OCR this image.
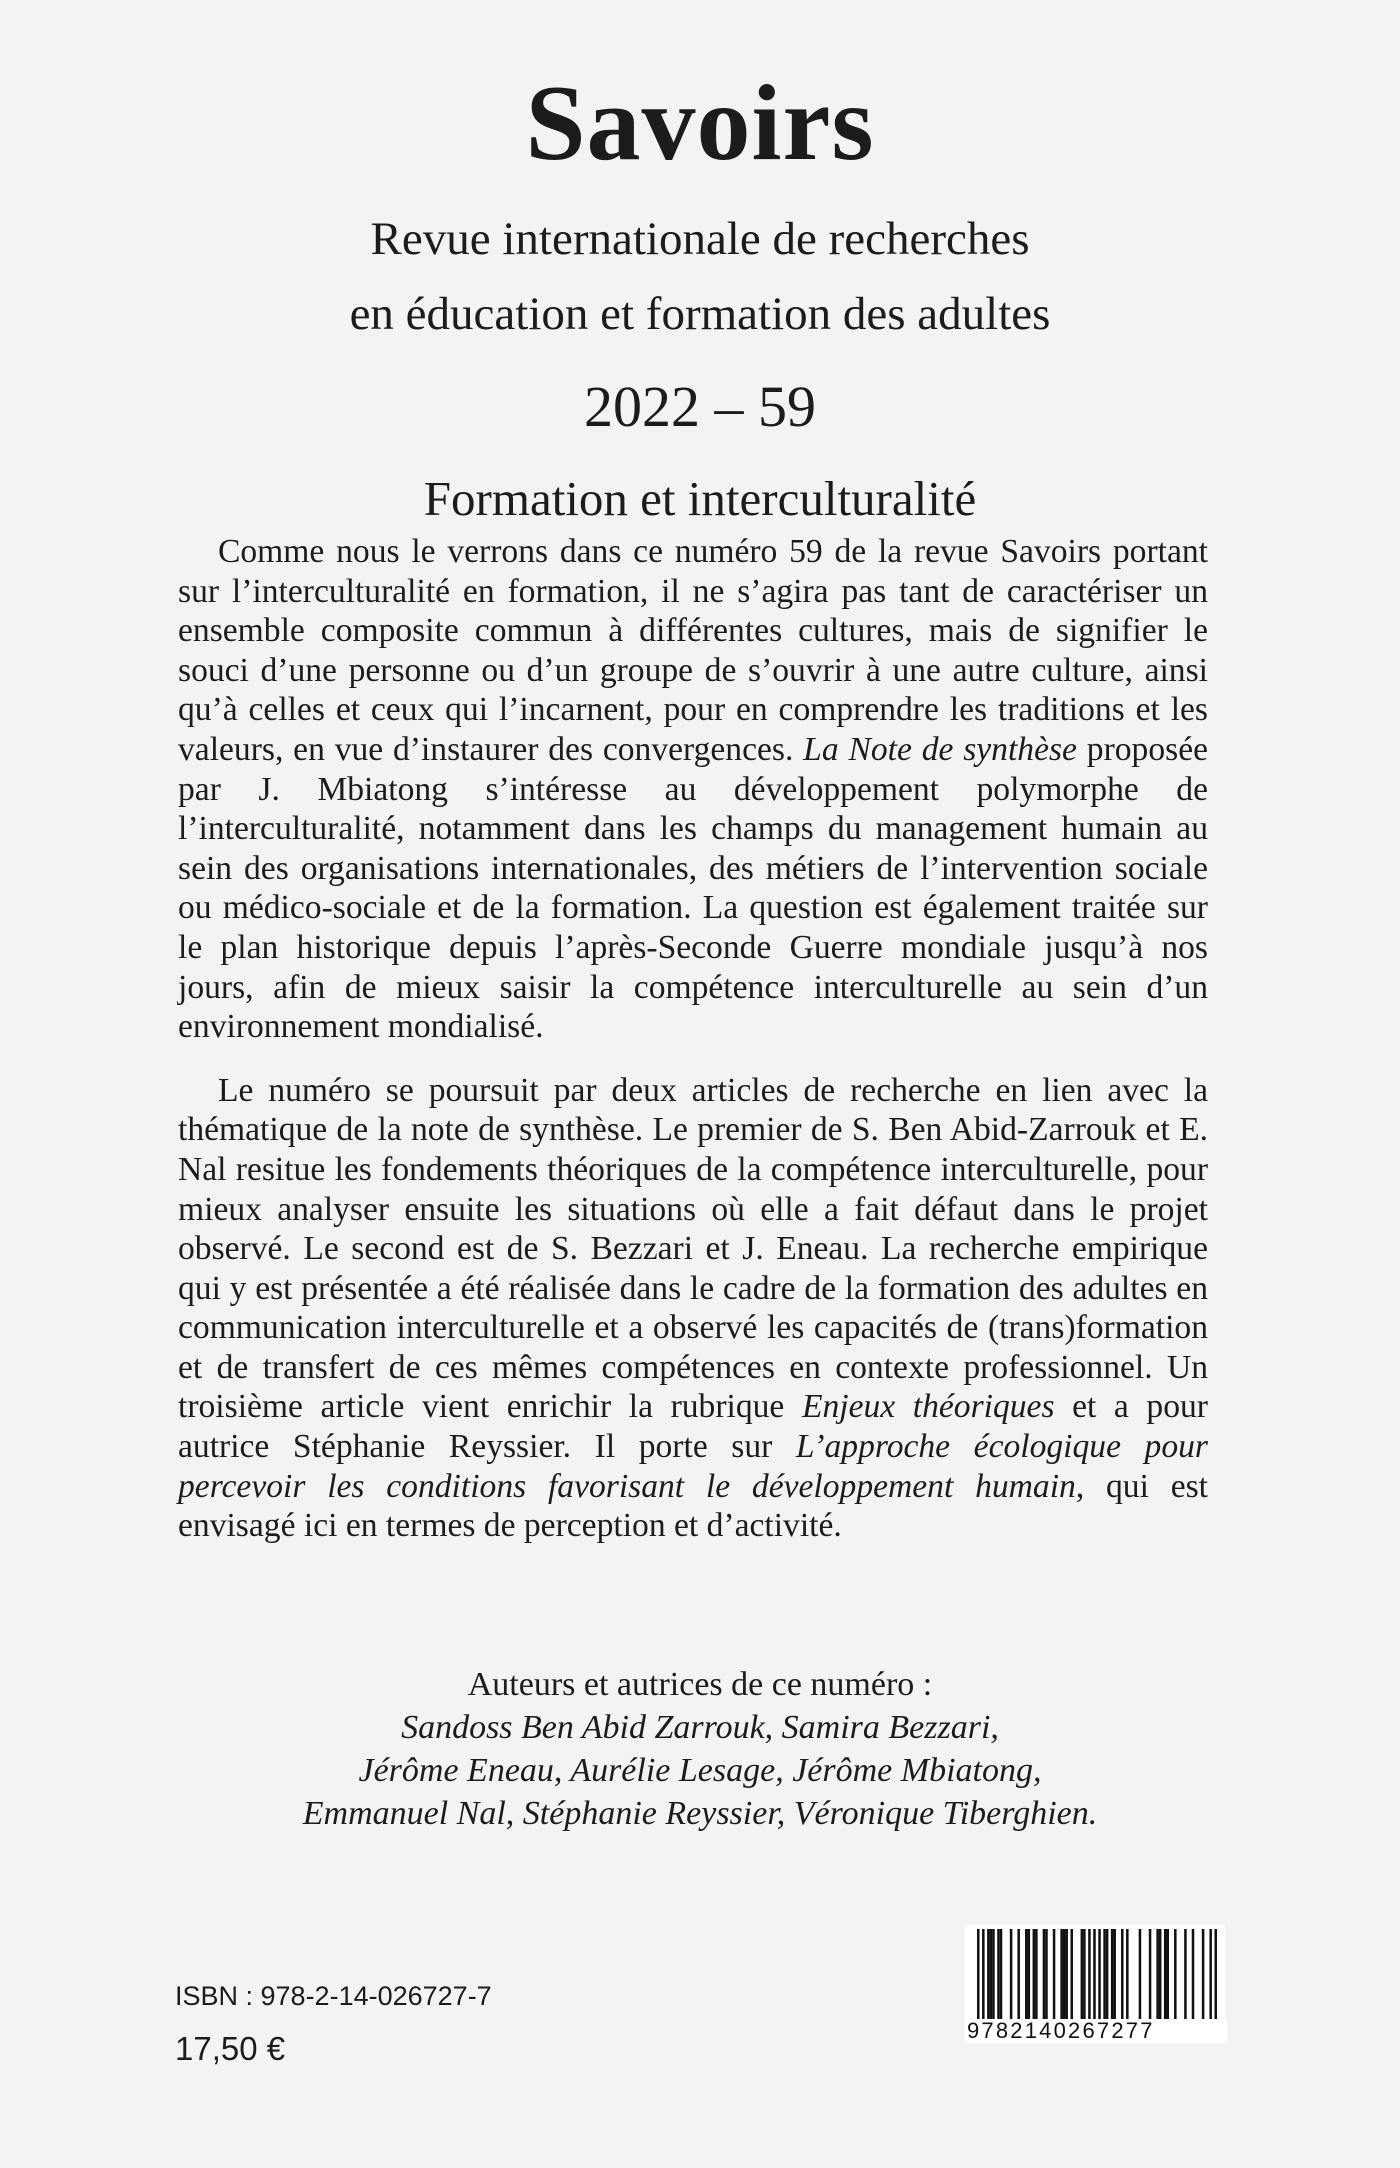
Savoirs

Revue internationale de recherches

en éducation et formation des adultes

2022 – 59
Formation et interculturalité

Comme nous le verrons dans ce numéro 59 de la revue Savoirs portant sur l’interculturalité en formation, il ne s’agira pas tant de caractériser un ensemble composite commun à différentes cultures, mais de signifier le souci d’une personne ou d’un groupe de s’ouvrir à une autre culture, ainsi qu’à celles et ceux qui l’incarnent, pour en comprendre les traditions et les valeurs, en vue d’instaurer des convergences. La Note de synthèse proposée par J. Mbiatong s’intéresse au développement polymorphe de l’interculturalité, notamment dans les champs du management humain au sein des organisations internationales, des métiers de l’intervention sociale ou médico-sociale et de la formation. La question est également traitée sur le plan historique depuis l’après-Seconde Guerre mondiale jusqu’à nos jours, afin de mieux saisir la compétence interculturelle au sein d’un environnement mondialisé.

Le numéro se poursuit par deux articles de recherche en lien avec la thématique de la note de synthèse. Le premier de S. Ben Abid-Zarrouk et E. Nal resitue les fondements théoriques de la compétence interculturelle, pour mieux analyser ensuite les situations où elle a fait défaut dans le projet observé. Le second est de S. Bezzari et J. Eneau. La recherche empirique qui y est présentée a été réalisée dans le cadre de la formation des adultes en communication interculturelle et a observé les capacités de (trans)formation et de transfert de ces mêmes compétences en contexte professionnel. Un troisième article vient enrichir la rubrique Enjeux théoriques et a pour autrice Stéphanie Reyssier. Il porte sur L’approche écologique pour percevoir les conditions favorisant le développement humain, qui est envisagé ici en termes de perception et d’activité.

Auteurs et autrices de ce numéro :

Sandoss Ben Abid Zarrouk, Samira Bezzari,

Jérôme Eneau, Aurélie Lesage, Jérôme Mbiatong,

Emmanuel Nal, Stéphanie Reyssier, Véronique Tiberghien.

ISBN : 978-2-14-026727-7

17,50 €	9782140267277
